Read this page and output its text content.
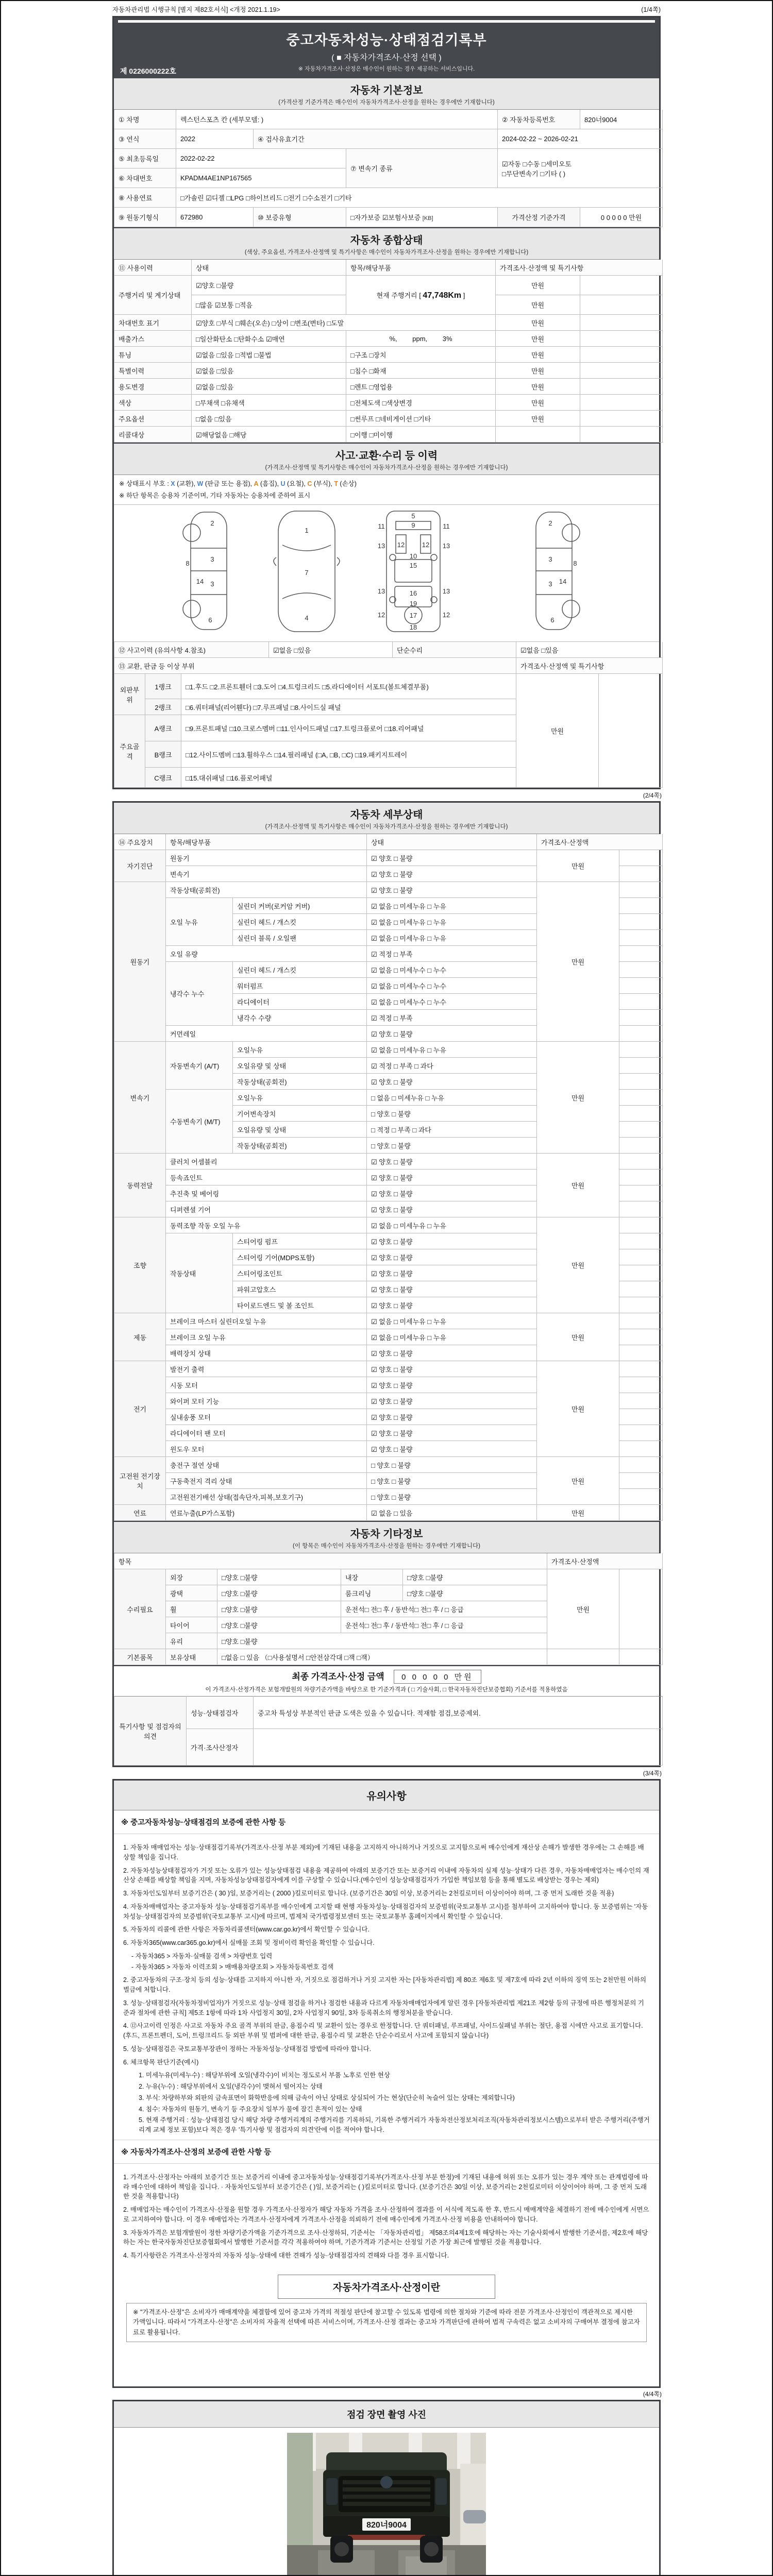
자동차관리법 시행규칙 [별지 제82호서식] <개정 2021.1.19>	(1/4쪽)
중고자동차성능·상태점검기록부
( ■ 자동차가격조사·산정 선택 )
※ 자동차가격조사·산정은 매수인이 원하는 경우 제공하는 서비스입니다.
제 0226000222호
자동차 기본정보
(가격산정 기준가격은 매수인이 자동차가격조사·산정을 원하는 경우에만 기재합니다)
① 차명	렉스턴스포츠 칸 (세부모델: )			② 자동차등록번호	820너9004
③ 연식	2022	④ 검사유효기간		2024-02-22 ~ 2026-02-21	
⑤ 최초등록일	2022-02-22		⑦ 변속기 종류	☑자동 □수동 □세미오토
□무단변속기 □기타 ( )	

⑥ 차대번호	KPADM4AE1NP167565				
⑧ 사용연료	□가솔린 ☑디젤 □LPG □하이브리드 □전기 □수소전기 □기타				
⑨ 원동기형식	672980	⑩ 보증유형	□자가보증 ☑보험사보증 [KB]	가격산정 기준가격	0 0 0 0 0 만원
자동차 종합상태
(색상, 주요옵션, 가격조사·산정액 및 특기사항은 매수인이 자동차가격조사·산정을 원하는 경우에만 기재합니다)
⑪ 사용이력	상태	항목/해당부품	가격조사·산정액 및 특기사항	
주행거리 및 계기상태	☑양호 □불량	현재 주행거리 [ 47,748Km ]	만원	
	□많음 ☑보통 □적음		만원	
차대번호 표기	☑양호 □부식 □훼손(오손) □상이 □변조(변타) □도말		만원	
배출가스	□일산화탄소 □탄화수소 ☑매연	%, ppm, 3%	만원	
튜닝	☑없음 □있음 □적법 □불법	□구조 □장치	만원	
특별이력	☑없음 □있음	□침수 □화재	만원	
용도변경	☑없음 □있음	□렌트 □영업용	만원	
색상	□무채색 □유채색	□전체도색 □색상변경	만원	
주요옵션	□없음 □있음	□썬루프 □네비게이션 □기타	만원	
리콜대상	☑해당없음 □해당	□이행 □미이행		
사고·교환·수리 등 이력
(가격조사·산정액 및 특기사항은 매수인이 자동차가격조사·산정을 원하는 경우에만 기재합니다)
※ 상태표시 부호 : X (교환), W (판금 또는 용접), A (흠집), U (요철), C (부식), T (손상)
※ 하단 항목은 승용차 기준이며, 기타 자동차는 승용차에 준하여 표시
2
8
3
14 3
6
1
7
4
5
11	11
13	13
12	12
9
10
15
16
19
13	13
12	12
17
18
2
8
3
14
3
6
⑫ 사고이력 (유의사항 4.참조)	☑없음 □있음	단순수리	☑없음 □있음
⑬ 교환, 판금 등 이상 부위			가격조사·산정액 및 특기사항	
외판부위	1랭크	□1.후드 □2.프론트휀더 □3.도어 □4.트렁크리드 □5.라디에이터 서포트(볼트체결부품)	만원	
	2랭크	□6.쿼터패널(리어휀다) □7.루프패널 □8.사이드실 패널		
주요골격	A랭크	□9.프론트패널 □10.크로스멤버 □11.인사이드패널 □17.트렁크플로어 □18.리어패널		
	B랭크	□12.사이드멤버 □13.휠하우스 □14.필러패널 (□A, □B, □C) □19.패키지트레이		
	C랭크	□15.대쉬패널 □16.플로어패널		
(2/4쪽)
자동차 세부상태
(가격조사·산정액 및 특기사항은 매수인이 자동차가격조사·산정을 원하는 경우에만 기재합니다)
⑭ 주요장치	항목/해당부품		상태	가격조사·산정액	
자기진단	원동기		☑ 양호 □ 불량	만원	
	변속기		☑ 양호 □ 불량		
원동기	작동상태(공회전)		☑ 양호 □ 불량	만원	
	오일 누유	실린더 커버(로커암 커버)	☑ 없음 □ 미세누유 □ 누유		
		실린더 헤드 / 개스킷	☑ 없음 □ 미세누유 □ 누유		
		실린더 블록 / 오일팬	☑ 없음 □ 미세누유 □ 누유		
	오일 유량		☑ 적정 □ 부족		
	냉각수 누수	실린더 헤드 / 개스킷	☑ 없음 □ 미세누수 □ 누수		
		워터펌프	☑ 없음 □ 미세누수 □ 누수		
		라디에이터	☑ 없음 □ 미세누수 □ 누수		
		냉각수 수량	☑ 적정 □ 부족		
	커먼레일		☑ 양호 □ 불량		
변속기	자동변속기 (A/T)	오일누유	☑ 없음 □ 미세누유 □ 누유	만원	
		오일유량 및 상태	☑ 적정 □ 부족 □ 과다		
		작동상태(공회전)	☑ 양호 □ 불량		
	수동변속기 (M/T)	오일누유	□ 없음 □ 미세누유 □ 누유		
		기어변속장치	□ 양호 □ 불량		
		오일유량 및 상태	□ 적정 □ 부족 □ 과다		
		작동상태(공회전)	□ 양호 □ 불량		
동력전달	클러치 어셈블리		☑ 양호 □ 불량	만원	
	등속죠인트		☑ 양호 □ 불량		
	추진축 및 베어링		☑ 양호 □ 불량		
	디퍼렌셜 기어		☑ 양호 □ 불량		
조향	동력조향 작동 오일 누유		☑ 없음 □ 미세누유 □ 누유	만원	
	작동상태	스티어링 펌프	☑ 양호 □ 불량		
		스티어링 기어(MDPS포함)	☑ 양호 □ 불량		
		스티어링조인트	☑ 양호 □ 불량		
		파워고압호스	☑ 양호 □ 불량		
		타이로드엔드 및 볼 조인트	☑ 양호 □ 불량		
제동	브레이크 마스터 실린더오일 누유		☑ 없음 □ 미세누유 □ 누유	만원	
	브레이크 오일 누유		☑ 없음 □ 미세누유 □ 누유		
	배력장치 상태		☑ 양호 □ 불량		
전기	발전기 출력		☑ 양호 □ 불량	만원	
	시동 모터		☑ 양호 □ 불량		
	와이퍼 모터 기능		☑ 양호 □ 불량		
	실내송풍 모터		☑ 양호 □ 불량		
	라디에이터 팬 모터		☑ 양호 □ 불량		
	윈도우 모터		☑ 양호 □ 불량		
고전원 전기장치	충전구 절연 상태		□ 양호 □ 불량	만원	
	구동축전지 격리 상태		□ 양호 □ 불량		
	고전원전기배선 상태(접속단자,피복,보호기구)		□ 양호 □ 불량		
연료	연료누출(LP가스포함)		☑ 없음 □ 있음	만원	
자동차 기타정보
(이 항목은 매수인이 자동차가격조사·산정을 원하는 경우에만 기재합니다)
항목					가격조사·산정액	
수리필요	외장	□양호 □불량	내장	□양호 □불량	만원	
	광택	□양호 □불량	룸크리닝	□양호 □불량		
	휠	□양호 □불량	운전석□ 전□ 후 / 동반석□ 전□ 후 / □ 응급			
	타이어	□양호 □불량	운전석□ 전□ 후 / 동반석□ 전□ 후 / □ 응급			
	유리	□양호 □불량				
기본품목	보유상태	□없음 □ 있음 （□사용설명서 □안전삼각대 □잭 □잭）				
최종 가격조사·산정 금액 0 0 0 0 0 만원
이 가격조사·산정가격은 보험개발원의 차량기준가액을 바탕으로 한 기준가격과 ( □ 기술사회, □ 한국자동차진단보증협회) 기준서를 적용하였음
특기사항 및 점검자의 의견	성능·상태점검자	중고차 특성상 부분적인 판금 도색은 있을 수 있습니다. 적재함 점검,보증제외.
	가격·조사산정자	
(3/4쪽)
유의사항
※ 중고자동차성능·상태점검의 보증에 관한 사항 등
1. 자동차 매매업자는 성능·상태점검기록부(가격조사·산정 부분 제외)에 기재된 내용을 고지하지 아니하거나 거짓으로 고지함으로써 매수인에게 재산상 손해가 발생한 경우에는 그 손해를 배상할 책임을 집니다.
2. 자동차성능상태점검자가 거짓 또는 오류가 있는 성능상태점검 내용을 제공하여 아래의 보증기간 또는 보증거리 이내에 자동차의 실제 성능·상태가 다른 경우, 자동차매매업자는 매수인의 재산상 손해를 배상할 책임을 지며, 자동차성능상태점검자에게 이를 구상할 수 있습니다.(매수인이 성능상태점검자가 가입한 책임보험 등을 통해 별도로 배상받는 경우는 제외)
3. 자동차인도일부터 보증기간은 ( 30 )일, 보증거리는 ( 2000 )킬로미터로 합니다. (보증기간은 30일 이상, 보증거리는 2천킬로미터 이상이어야 하며, 그 중 먼저 도래한 것을 적용)
4. 자동차매매업자는 중고자동차 성능·상태점검기록부를 매수인에게 고지할 때 현행 자동차성능·상태점검자의 보증범위(국토교통부 고시)를 첨부하여 고지하여야 합니다. 동 보증범위는 '자동차성능·상태점검자의 보증범위'(국토교통부 고시)에 따르며, 법제처 국가법령정보센터 또는 국토교통부 홈페이지에서 확인할 수 있습니다.
5. 자동차의 리콜에 관한 사항은 자동차리콜센터(www.car.go.kr)에서 확인할 수 있습니다.
6. 자동차365(www.car365.go.kr)에서 실매물 조회 및 정비이력 확인을 확인할 수 있습니다.
- 자동차365 > 자동차·실매물 검색 > 차량번호 입력
- 자동차365 > 자동차 이력조회 > 매매용차량조회 > 자동차등록번호 검색
2. 중고자동차의 구조·장치 등의 성능·상태를 고지하지 아니한 자, 거짓으로 점검하거나 거짓 고지한 자는 [자동차관리법] 제 80조 제6호 및 제7호에 따라 2년 이하의 징역 또는 2천만원 이하의 벌금에 처합니다.
3. 성능·상태점검자(자동차정비업자)가 거짓으로 성능·상태 점검을 하거나 점검한 내용과 다르게 자동차매매업자에게 알린 경우 [자동차관리법 제21조 제2항 등의 규정에 따른 행정처분의 기준과 절차에 관한 규칙] 제5조 1항에 따라 1차 사업정지 30일, 2차 사업정지 90일, 3차 등록취소의 행정처분을 받습니다.
4. ⑫사고이력 인정은 사고로 자동차 주요 골격 부위의 판금, 용접수리 및 교환이 있는 경우로 한정합니다. 단 쿼터패널, 루프패널, 사이드실패널 부위는 절단, 용접 시에만 사고로 표기합니다. (후드, 프론트펜더, 도어, 트렁크리드 등 외판 부위 및 범퍼에 대한 판금, 용접수리 및 교환은 단순수리로서 사고에 포함되지 않습니다)
5. 성능·상태점검은 국토교통부장관이 정하는 자동차성능·상태점검 방법에 따라야 합니다.
6. 체크항목 판단기준(예시)
1. 미세누유(미세누수) : 해당부위에 오일(냉각수)이 비치는 정도로서 부품 노후로 인한 현상
2. 누유(누수) : 해당부위에서 오일(냉각수)이 맺혀서 떨어지는 상태
3. 부식: 차량하부와 외판의 금속표면이 화학반응에 의해 금속이 아닌 상태로 상실되어 가는 현상(단순히 녹슬어 있는 상태는 제외합니다)
4. 침수: 자동차의 원동기, 변속기 등 주요장치 일부가 물에 잠긴 흔적이 있는 상태
5. 현재 주행거리 : 성능·상태점검 당시 해당 차량 주행거리계의 주행거리를 기록하되, 기록한 주행거리가 자동차전산정보처리조직(자동차관리정보시스템)으로부터 받은 주행거리(주행거리계 교체 정보 포함)보다 적은 경우 '특기사항 및 점검자의 의견'란에 이를 적어야 합니다.
※ 자동차가격조사·산정의 보증에 관한 사항 등
1. 가격조사·산정자는 아래의 보증기간 또는 보증거리 이내에 중고자동차성능·상태점검기록부(가격조사·산정 부분 한정)에 기재된 내용에 허위 또는 오류가 있는 경우 계약 또는 관계법령에 따라 매수인에 대하여 책임을 집니다. · 자동차인도일부터 보증기간은 ( )일, 보증거리는 ( )킬로미터로 합니다. (보증기간은 30일 이상, 보증거리는 2천킬로미터 이상이어야 하며, 그 중 먼저 도래한 것을 적용합니다)
2. 매매업자는 매수인이 가격조사·산정을 원할 경우 가격조사·산정자가 해당 자동차 가격을 조사·산정하여 결과를 이 서식에 적도록 한 후, 반드시 매매계약을 체결하기 전에 매수인에게 서면으로 고지하여야 합니다. 이 경우 매매업자는 가격조사·산정자에게 가격조사·산정을 의뢰하기 전에 매수인에게 가격조사·산정 비용을 안내하여야 합니다.
3. 자동차가격은 보험개발원이 정한 차량기준가액을 기준가격으로 조사·산정하되, 기준서는 「자동차관리법」 제58조의4제1호에 해당하는 자는 기술사회에서 발행한 기준서를, 제2호에 해당하는 자는 한국자동차진단보증협회에서 발행한 기준서를 각각 적용하여야 하며, 기준가격과 기준서는 산정일 기준 가장 최근에 발행된 것을 적용합니다.
4. 특기사항란은 가격조사·산정자의 자동차 성능·상태에 대한 견해가 성능·상태점검자의 견해와 다를 경우 표시합니다.
자동차가격조사·산정이란
※ "가격조사·산정"은 소비자가 매매계약을 체결함에 있어 중고차 가격의 적절성 판단에 참고할 수 있도록 법령에 의한 절차와 기준에 따라 전문 가격조사·산정인이 객관적으로 제시한 가액입니다. 따라서 "가격조사·산정"은 소비자의 자율적 선택에 따른 서비스이며, 가격조사·산정 결과는 중고차 가격판단에 관하여 법적 구속력은 없고 소비자의 구매여부 결정에 참고자료로 활용됩니다.
(4/4쪽)
점검 장면 촬영 사진
820너9004
